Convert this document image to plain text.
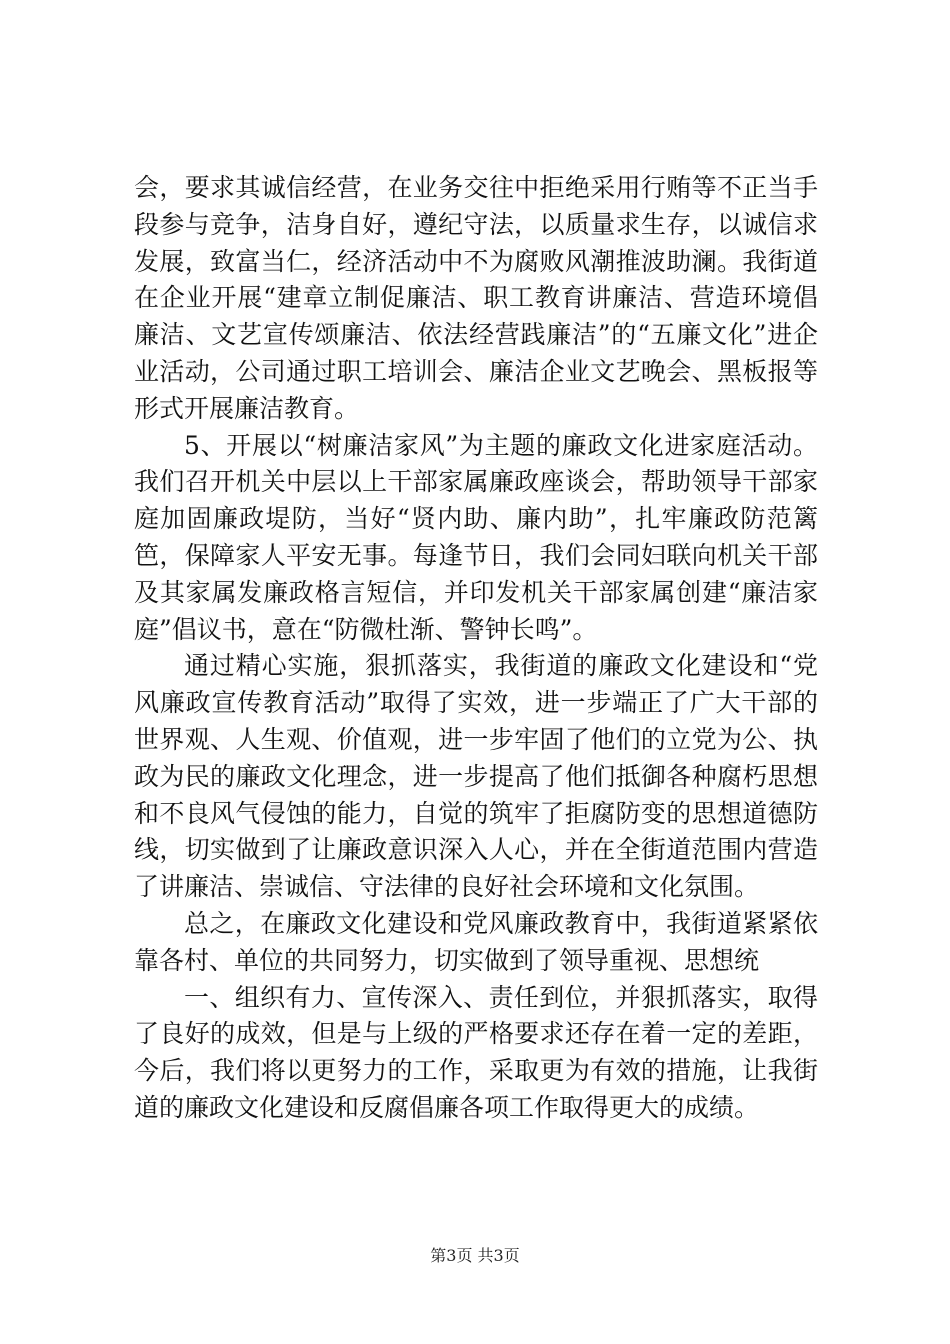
会，要求其诚信经营，在业务交往中拒绝采用行贿等不正当手段参与竞争，洁身自好，遵纪守法，以质量求生存，以诚信求发展，致富当仁，经济活动中不为腐败风潮推波助澜。我街道在企业开展“建章立制促廉洁、职工教育讲廉洁、营造环境倡廉洁、文艺宣传颂廉洁、依法经营践廉洁”的“五廉文化”进企业活动，公司通过职工培训会、廉洁企业文艺晚会、黑板报等形式开展廉洁教育。

5、开展以“树廉洁家风”为主题的廉政文化进家庭活动。我们召开机关中层以上干部家属廉政座谈会，帮助领导干部家庭加固廉政堤防，当好“贤内助、廉内助”，扎牢廉政防范篱笆，保障家人平安无事。每逢节日，我们会同妇联向机关干部及其家属发廉政格言短信，并印发机关干部家属创建“廉洁家庭”倡议书，意在“防微杜渐、警钟长鸣”。

通过精心实施，狠抓落实，我街道的廉政文化建设和“党风廉政宣传教育活动”取得了实效，进一步端正了广大干部的世界观、人生观、价值观，进一步牢固了他们的立党为公、执政为民的廉政文化理念，进一步提高了他们抵御各种腐朽思想和不良风气侵蚀的能力，自觉的筑牢了拒腐防变的思想道德防线，切实做到了让廉政意识深入人心，并在全街道范围内营造了讲廉洁、崇诚信、守法律的良好社会环境和文化氛围。

总之，在廉政文化建设和党风廉政教育中，我街道紧紧依靠各村、单位的共同努力，切实做到了领导重视、思想统

一、组织有力、宣传深入、责任到位，并狠抓落实，取得了良好的成效，但是与上级的严格要求还存在着一定的差距，今后，我们将以更努力的工作，采取更为有效的措施，让我街道的廉政文化建设和反腐倡廉各项工作取得更大的成绩。

第3页 共3页
